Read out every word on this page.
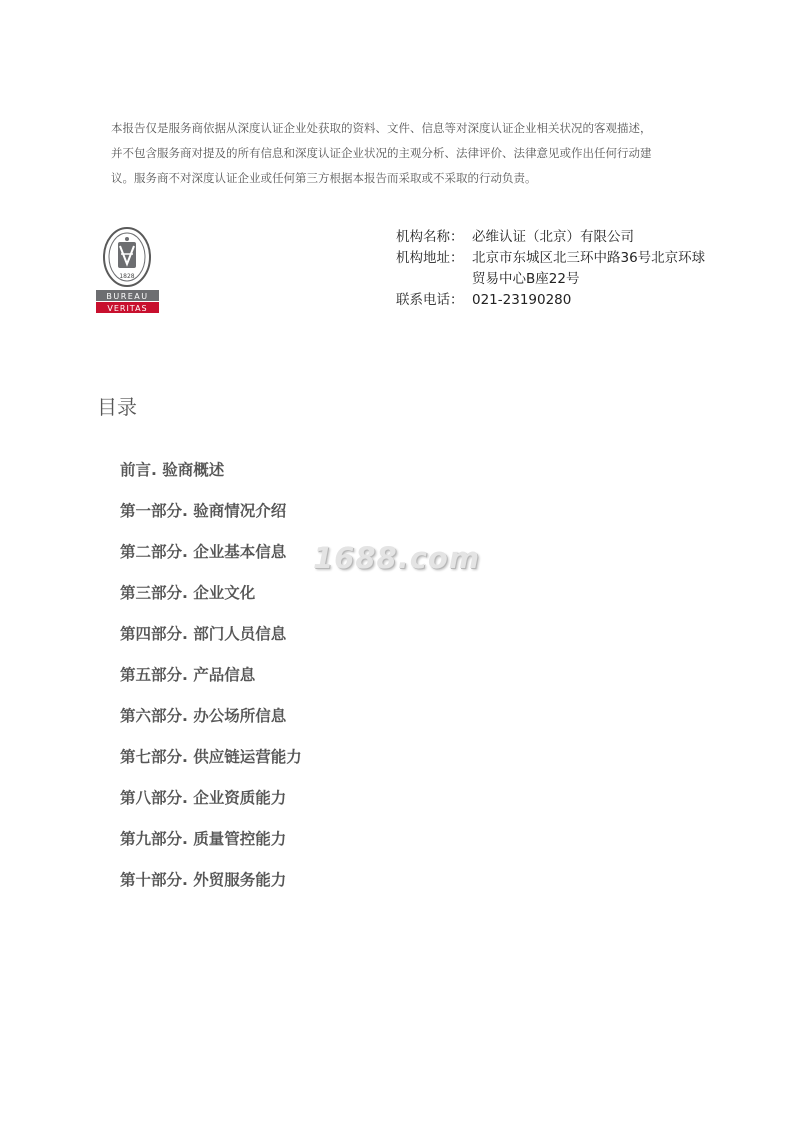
本报告仅是服务商依据从深度认证企业处获取的资料、文件、信息等对深度认证企业相关状况的客观描述，

并不包含服务商对提及的所有信息和深度认证企业状况的主观分析、法律评价、法律意见或作出任何行动建

议。服务商不对深度认证企业或任何第三方根据本报告而采取或不采取的行动负责。

1828
BUREAU
VERITAS
机构名称： 必维认证（北京）有限公司
机构地址： 北京市东城区北三环中路36号北京环球贸易中心B座22号
联系电话： 021-23190280
目录
前言. 验商概述
第一部分. 验商情况介绍
第二部分. 企业基本信息
第三部分. 企业文化
第四部分. 部门人员信息
第五部分. 产品信息
第六部分. 办公场所信息
第七部分. 供应链运营能力
第八部分. 企业资质能力
第九部分. 质量管控能力
第十部分. 外贸服务能力
1688.com
